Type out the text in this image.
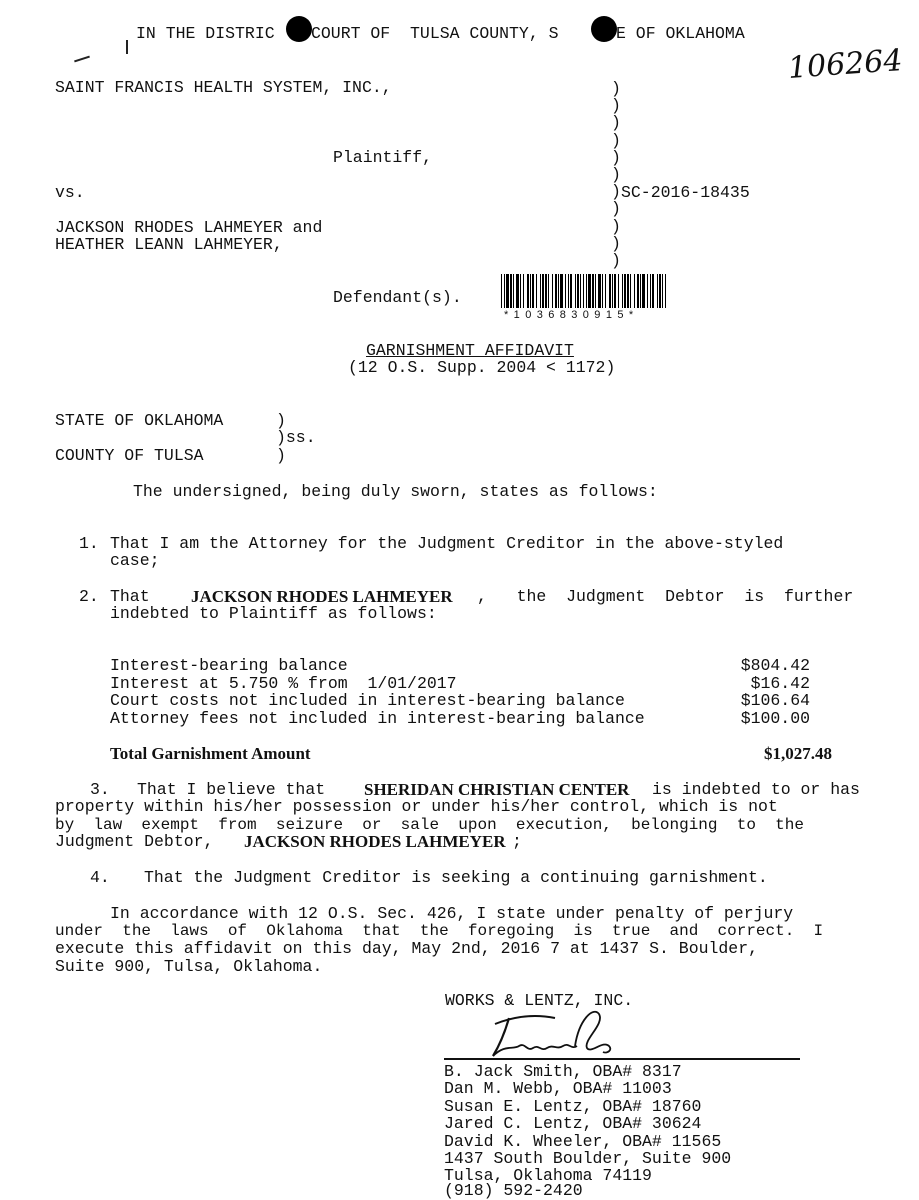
IN THE DISTRIC COURT OF  TULSA COUNTY, S	E OF OKLAHOMA
106264
SAINT FRANCIS HEALTH SYSTEM, INC.,
Plaintiff,
vs.
JACKSON RHODES LAHMEYER and
HEATHER LEANN LAHMEYER,
)
)
)
)
)
)
)
)
)
)
)
SC-2016-18435
Defendant(s).
*1036830915*
GARNISHMENT AFFIDAVIT
(12 O.S. Supp. 2004 < 1172)
STATE OF OKLAHOMA	)
)ss.
COUNTY OF TULSA	)
The undersigned, being duly sworn, states as follows:
1. That I am the Attorney for the Judgment Creditor in the above-styled
case;
2. That JACKSON RHODES LAHMEYER ,   the  Judgment  Debtor  is  further
indebted to Plaintiff as follows:
Interest-bearing balance	$804.42
Interest at 5.750 % from  1/01/2017	$16.42
Court costs not included in interest-bearing balance	$106.64
Attorney fees not included in interest-bearing balance	$100.00
Total Garnishment Amount	$1,027.48
3. That I believe that SHERIDAN CHRISTIAN CENTER is indebted to or has
property within his/her possession or under his/her control, which is not
by  law  exempt  from  seizure  or  sale  upon  execution,  belonging  to  the
Judgment Debtor, JACKSON RHODES LAHMEYER ;
4. That the Judgment Creditor is seeking a continuing garnishment.
In accordance with 12 O.S. Sec. 426, I state under penalty of perjury
under  the  laws  of  Oklahoma  that  the  foregoing  is  true  and  correct.  I
execute this affidavit on this day, May 2nd, 2016 7 at 1437 S. Boulder,
Suite 900, Tulsa, Oklahoma.
WORKS & LENTZ, INC.
B. Jack Smith, OBA# 8317
Dan M. Webb, OBA# 11003
Susan E. Lentz, OBA# 18760
Jared C. Lentz, OBA# 30624
David K. Wheeler, OBA# 11565
1437 South Boulder, Suite 900
Tulsa, Oklahoma 74119
(918) 592-2420
